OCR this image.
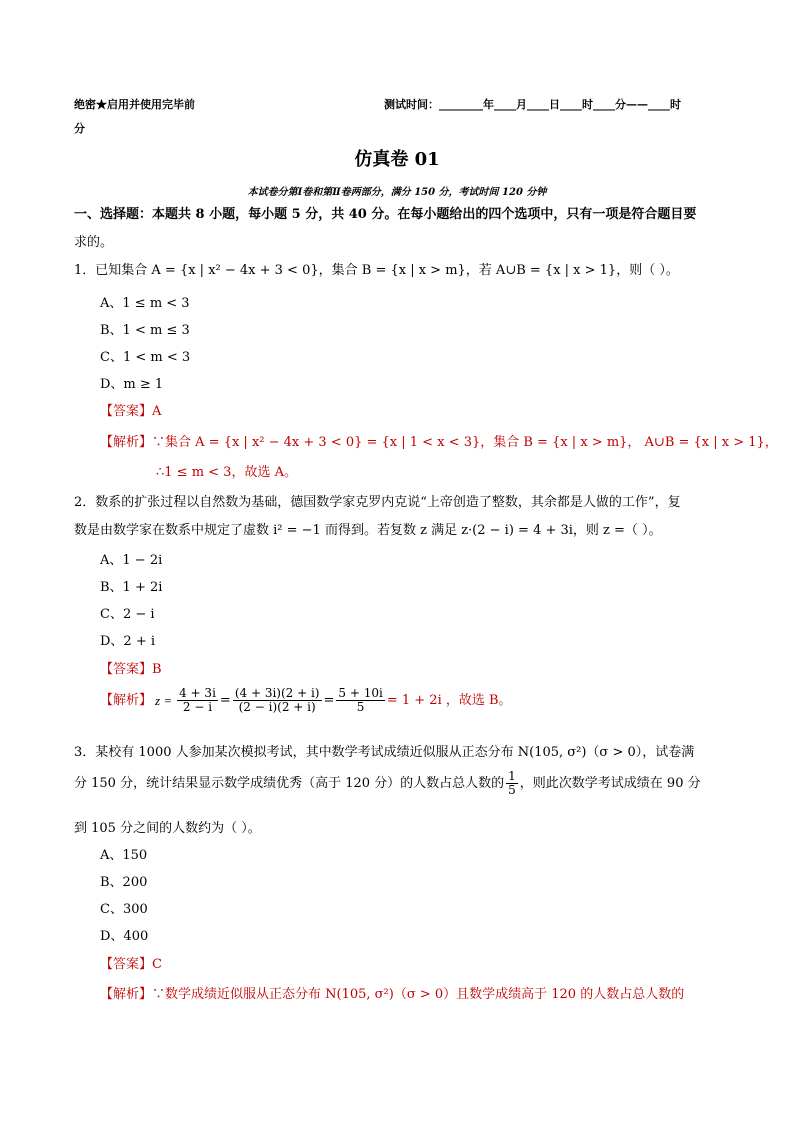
绝密★启用并使用完毕前	测试时间：________年____月____日____时____分——____时
分
仿真卷 01
本试卷分第Ⅰ卷和第Ⅱ卷两部分，满分 150 分，考试时间 120 分钟
一、选择题：本题共 8 小题，每小题 5 分，共 40 分。在每小题给出的四个选项中，只有一项是符合题目要
求的。
1．已知集合 A = {x | x² − 4x + 3 < 0}，集合 B = {x | x > m}，若 A∪B = {x | x > 1}，则（ ）。
A、1 ≤ m < 3
B、1 < m ≤ 3
C、1 < m < 3
D、m ≥ 1
【答案】A
【解析】∵集合 A = {x | x² − 4x + 3 < 0} = {x | 1 < x < 3}，集合 B = {x | x > m}， A∪B = {x | x > 1}，
∴1 ≤ m < 3，故选 A。
2．数系的扩张过程以自然数为基础，德国数学家克罗内克说“上帝创造了整数，其余都是人做的工作”，复
数是由数学家在数系中规定了虚数 i² = −1 而得到。若复数 z 满足 z·(2 − i) = 4 + 3i，则 z =（ ）。
A、1 − 2i
B、1 + 2i
C、2 − i
D、2 + i
【答案】B
【解析】 $z = \frac{4 + 3i}{2 - i} = \frac{(4 + 3i)(2 + i)}{(2 - i)(2 + i)} = \frac{5 + 10i}{5} = 1 + 2i$ ，故选 B。
3．某校有 1000 人参加某次模拟考试，其中数学考试成绩近似服从正态分布 N(105, σ²)（σ > 0），试卷满
分 150 分，统计结果显示数学成绩优秀（高于 120 分）的人数占总人数的 $\frac{1}{5}$ ，则此次数学考试成绩在 90 分
到 105 分之间的人数约为（ ）。
A、150
B、200
C、300
D、400
【答案】C
【解析】∵数学成绩近似服从正态分布 N(105, σ²)（σ > 0）且数学成绩高于 120 的人数占总人数的
